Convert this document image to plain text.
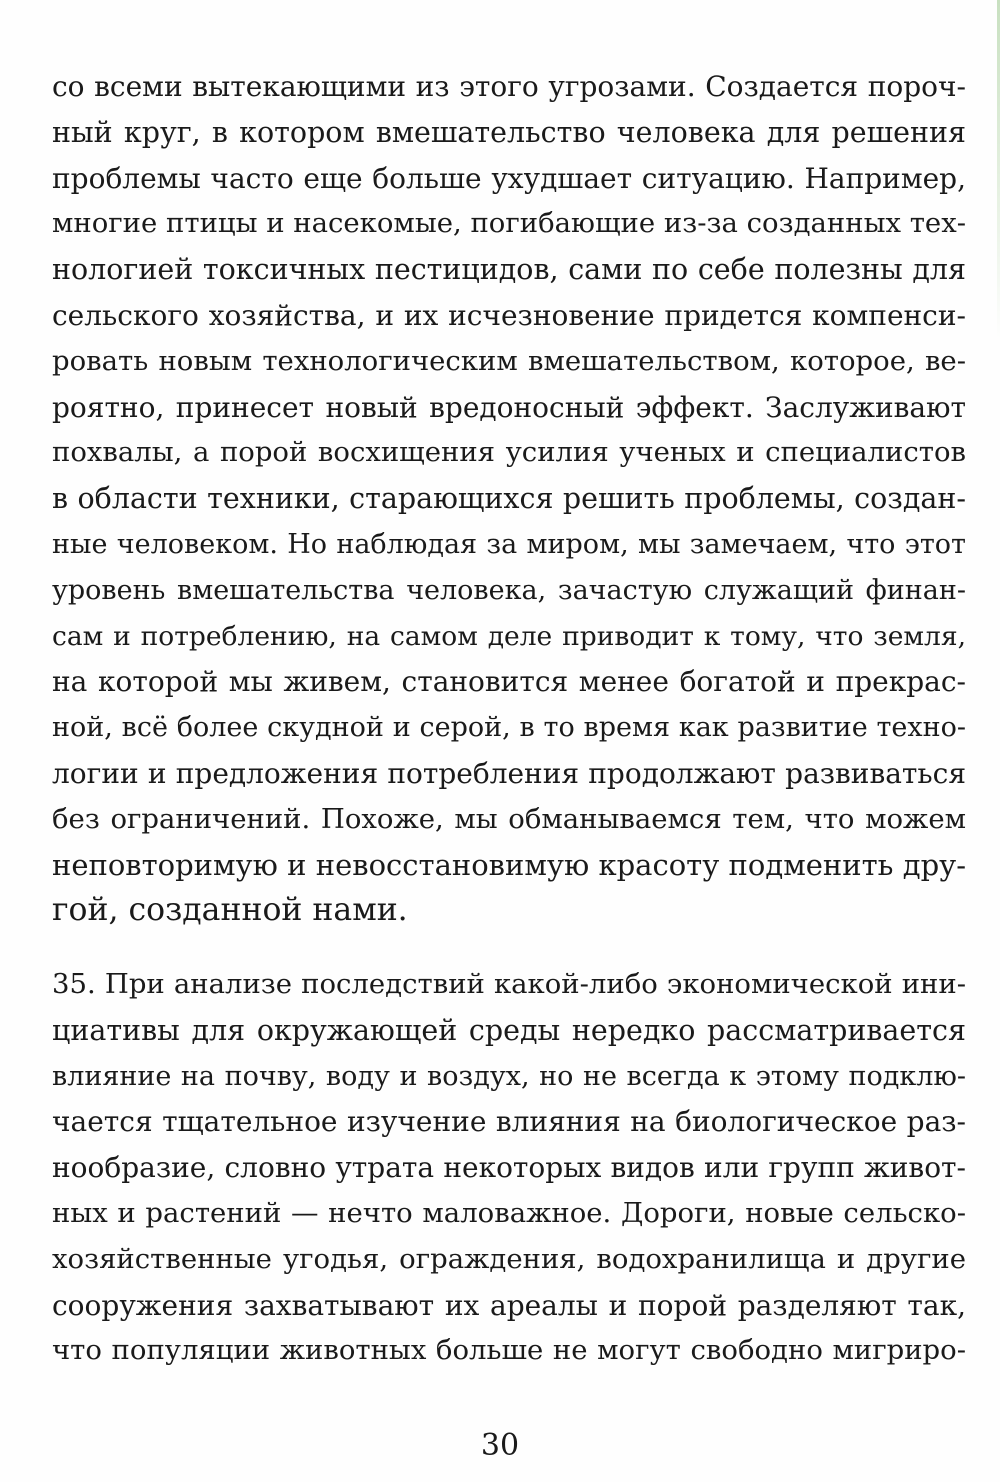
со всеми вытекающими из этого угрозами. Создается пороч-
ный круг, в котором вмешательство человека для решения
проблемы часто еще больше ухудшает ситуацию. Например,
многие птицы и насекомые, погибающие из-за созданных тех-
нологией токсичных пестицидов, сами по себе полезны для
сельского хозяйства, и их исчезновение придется компенси-
ровать новым технологическим вмешательством, которое, ве-
роятно, принесет новый вредоносный эффект. Заслуживают
похвалы, а порой восхищения усилия ученых и специалистов
в области техники, старающихся решить проблемы, создан-
ные человеком. Но наблюдая за миром, мы замечаем, что этот
уровень вмешательства человека, зачастую служащий финан-
сам и потреблению, на самом деле приводит к тому, что земля,
на которой мы живем, становится менее богатой и прекрас-
ной, всё более скудной и серой, в то время как развитие техно-
логии и предложения потребления продолжают развиваться
без ограничений. Похоже, мы обманываемся тем, что можем
неповторимую и невосстановимую красоту подменить дру-
гой, созданной нами.
35. При анализе последствий какой-либо экономической ини-
циативы для окружающей среды нередко рассматривается
влияние на почву, воду и воздух, но не всегда к этому подклю-
чается тщательное изучение влияния на биологическое раз-
нообразие, словно утрата некоторых видов или групп живот-
ных и растений — нечто маловажное. Дороги, новые сельско-
хозяйственные угодья, ограждения, водохранилища и другие
сооружения захватывают их ареалы и порой разделяют так,
что популяции животных больше не могут свободно мигриро-
30
